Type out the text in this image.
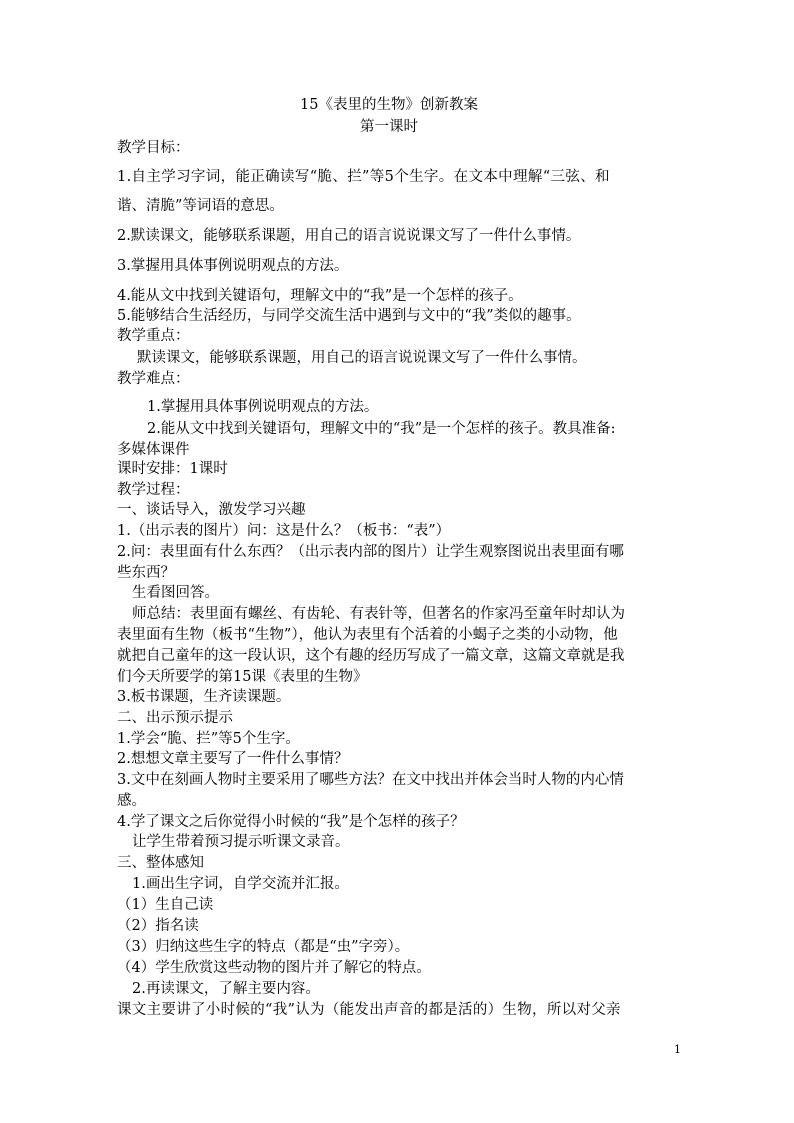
15《表里的生物》创新教案
第一课时
教学目标：
1.自主学习字词，能正确读写“脆、拦”等5个生字。在文本中理解“三弦、和
谐、清脆”等词语的意思。
2.默读课文，能够联系课题，用自己的语言说说课文写了一件什么事情。
3.掌握用具体事例说明观点的方法。
4.能从文中找到关键语句，理解文中的“我”是一个怎样的孩子。
5.能够结合生活经历，与同学交流生活中遇到与文中的“我”类似的趣事。
教学重点：
默读课文，能够联系课题，用自己的语言说说课文写了一件什么事情。
教学难点：
1.掌握用具体事例说明观点的方法。
2.能从文中找到关键语句，理解文中的“我”是一个怎样的孩子。教具准备:
多媒体课件
课时安排：1课时
教学过程：
一、谈话导入，激发学习兴趣
1.（出示表的图片）问：这是什么？（板书：“表”）
2.问：表里面有什么东西？（出示表内部的图片）让学生观察图说出表里面有哪
些东西？
生看图回答。
师总结：表里面有螺丝、有齿轮、有表针等，但著名的作家冯至童年时却认为
表里面有生物（板书“生物”），他认为表里有个活着的小蝎子之类的小动物，他
就把自己童年的这一段认识，这个有趣的经历写成了一篇文章，这篇文章就是我
们今天所要学的第15课《表里的生物》
3.板书课题，生齐读课题。
二、出示预示提示
1.学会“脆、拦”等5个生字。
2.想想文章主要写了一件什么事情？
3.文中在刻画人物时主要采用了哪些方法？在文中找出并体会当时人物的内心情
感。
4.学了课文之后你觉得小时候的“我”是个怎样的孩子？
让学生带着预习提示听课文录音。
三、整体感知
1.画出生字词，自学交流并汇报。
（1）生自己读
（2）指名读
（3）归纳这些生字的特点（都是“虫”字旁）。
（4）学生欣赏这些动物的图片并了解它的特点。
2.再读课文，了解主要内容。
课文主要讲了小时候的“我”认为（能发出声音的都是活的）生物，所以对父亲
1
